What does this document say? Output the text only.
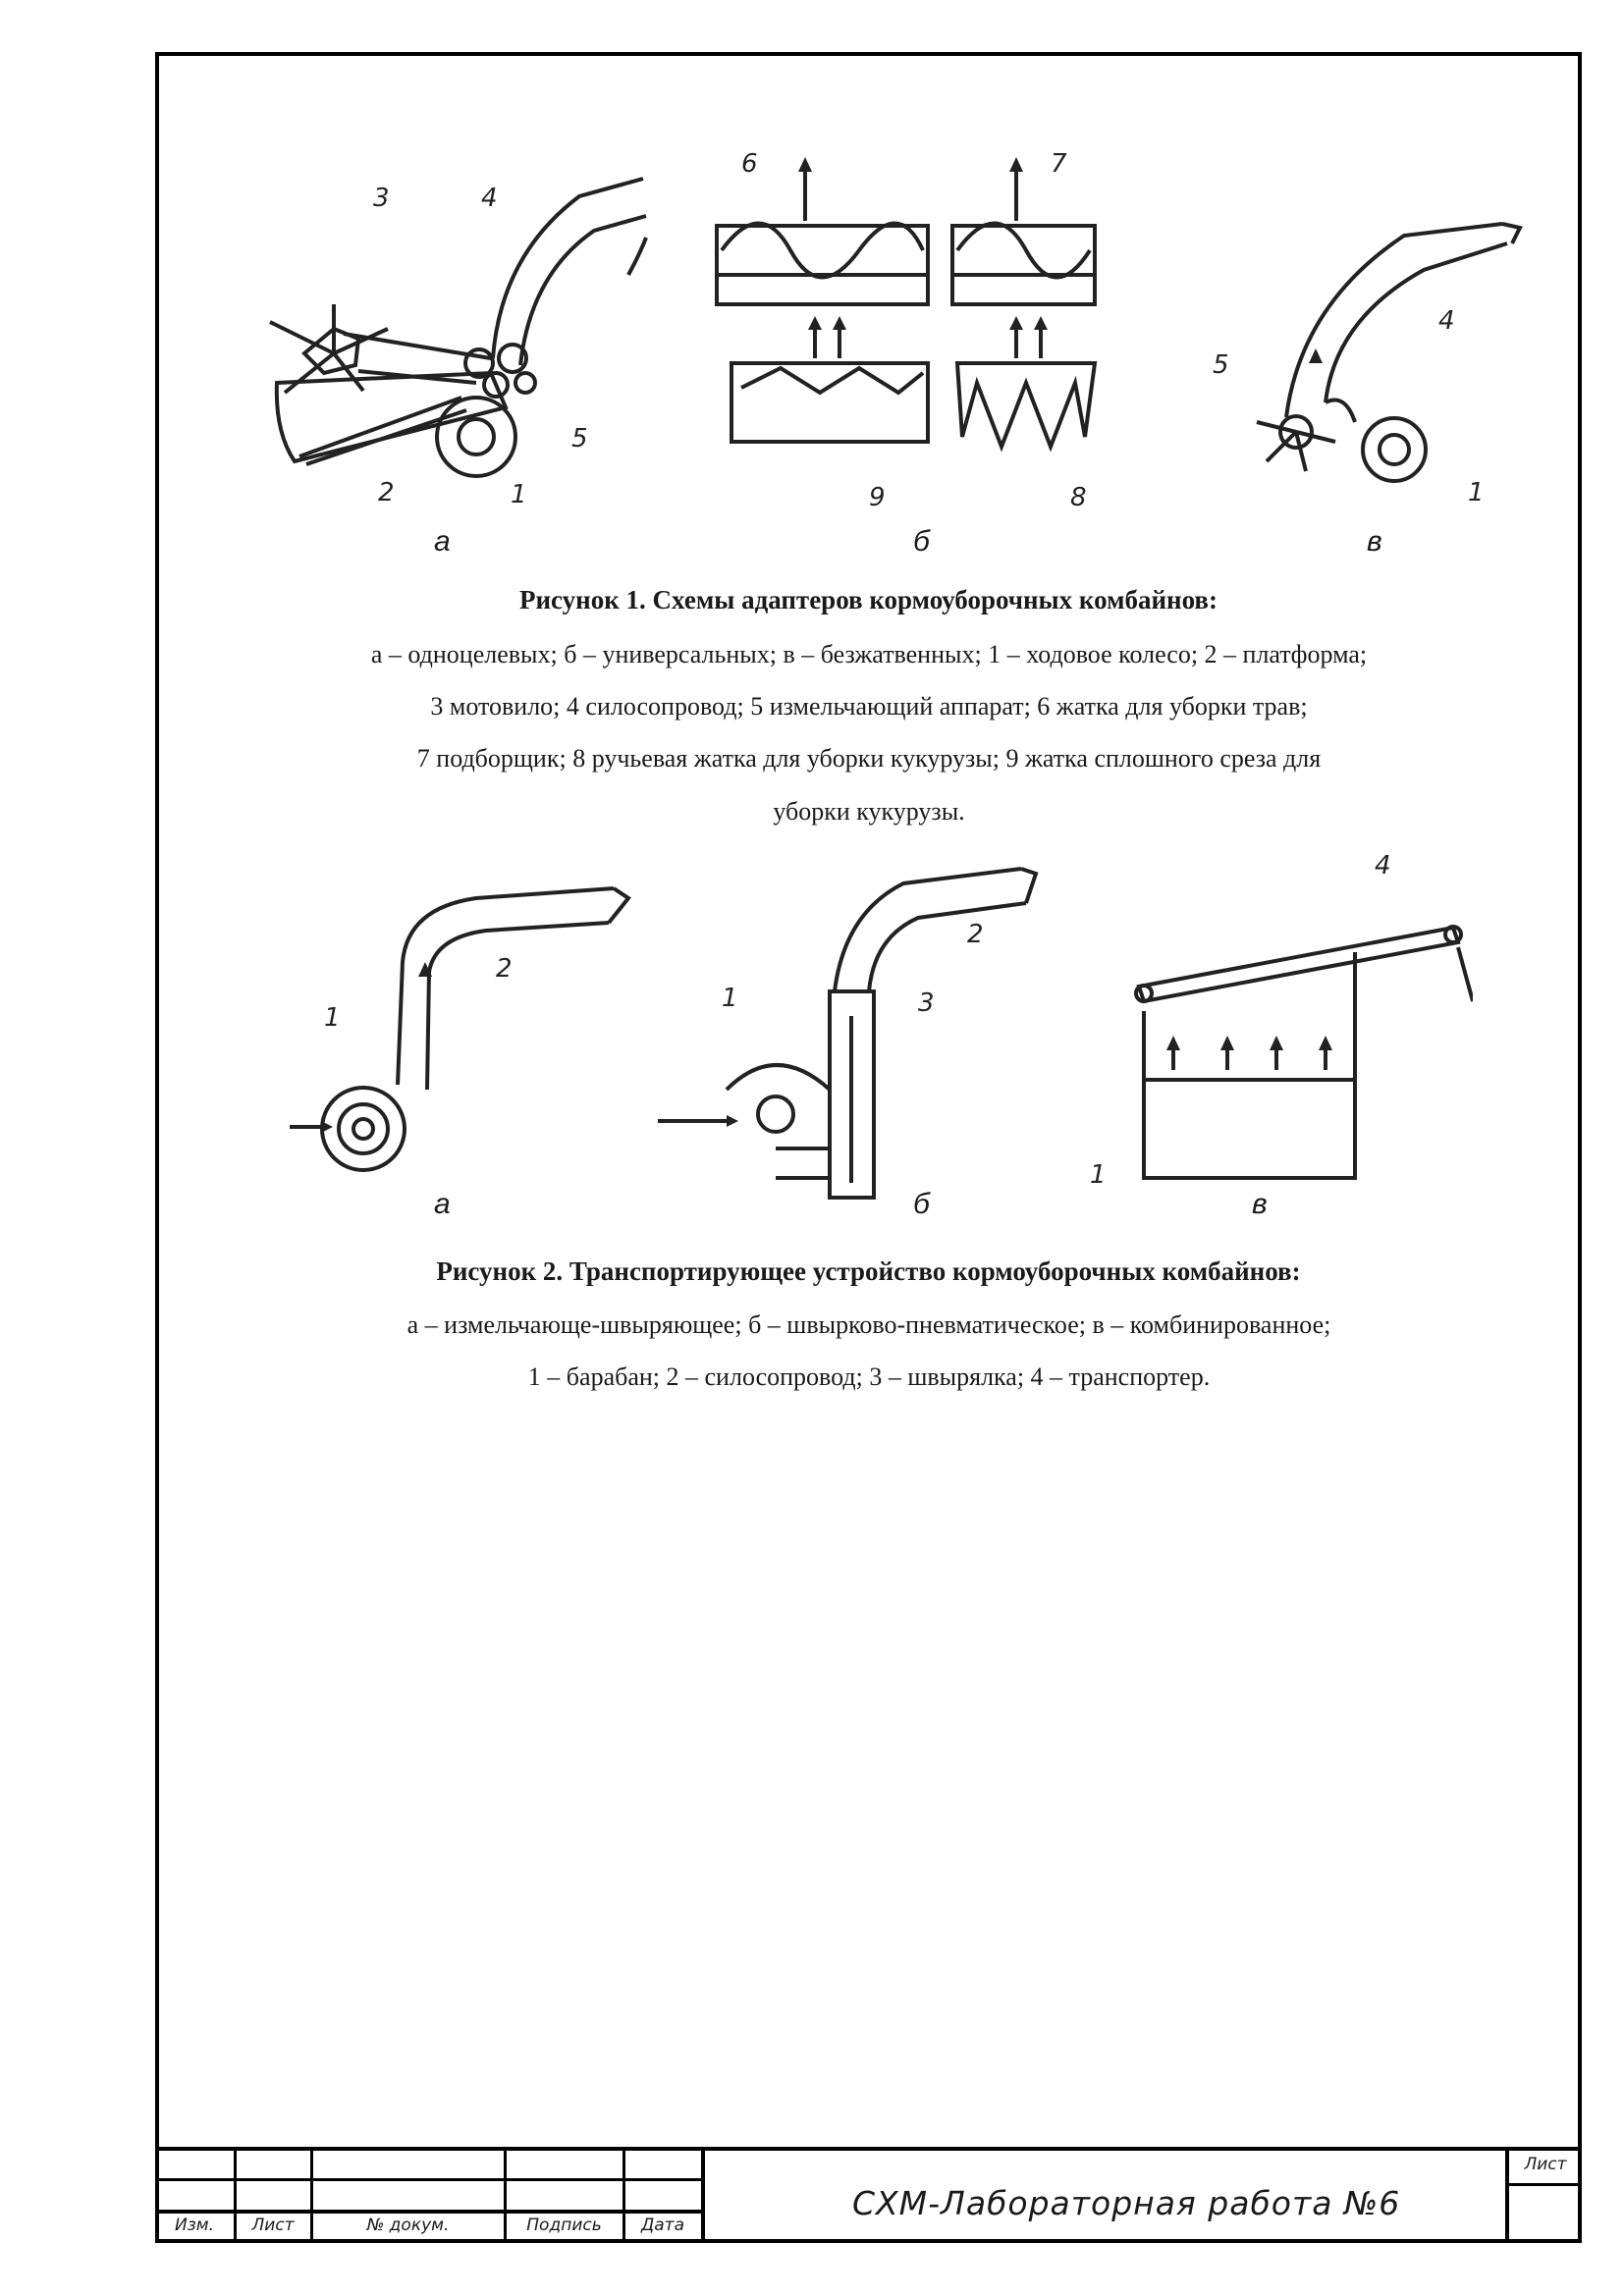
3	4
5
2	1
6	7
9	8
5
4
1
а	б	в
Рисунок 1. Схемы адаптеров кормоуборочных комбайнов:
а – одноцелевых; б – универсальных; в – безжатвенных; 1 – ходовое колесо; 2 – платформа;
3 мотовило; 4 силосопровод; 5 измельчающий аппарат; 6 жатка для уборки трав;
7 подборщик; 8 ручьевая жатка для уборки кукурузы; 9 жатка сплошного среза для
уборки кукурузы.
1
2
1	3
2
4
1
а	б	в
Рисунок 2. Транспортирующее устройство кормоуборочных комбайнов:
а – измельчающе-швыряющее; б – швырково-пневматическое; в – комбинированное;
1 – барабан; 2 – силосопровод; 3 – швырялка; 4 – транспортер.
Изм.	Лист	№ докум.	Подпись	Дата
Лист
СХМ-Лабораторная работа №6
